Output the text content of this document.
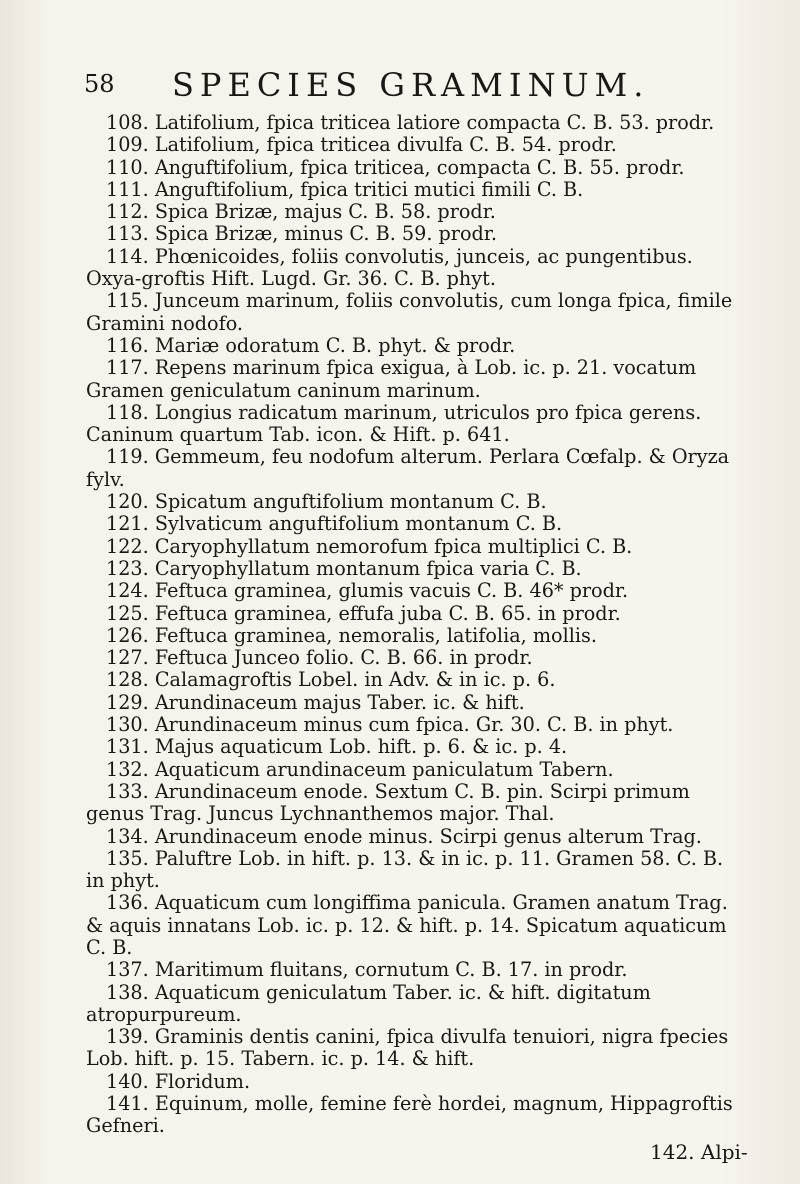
58 SPECIES GRAMINUM.

108. Latifolium, fpica triticea latiore compacta C. B. 53. prodr.

109. Latifolium, fpica triticea divulfa C. B. 54. prodr.

110. Anguftifolium, fpica triticea, compacta C. B. 55. prodr.

111. Anguftifolium, fpica tritici mutici fimili C. B.

112. Spica Brizæ, majus C. B. 58. prodr.

113. Spica Brizæ, minus C. B. 59. prodr.

114. Phœnicoides, foliis convolutis, junceis, ac pungentibus. Oxya-groftis Hift. Lugd. Gr. 36. C. B. phyt.

115. Junceum marinum, foliis convolutis, cum longa fpica, fimile Gramini nodofo.

116. Mariæ odoratum C. B. phyt. & prodr.

117. Repens marinum fpica exigua, à Lob. ic. p. 21. vocatum Gramen geniculatum caninum marinum.

118. Longius radicatum marinum, utriculos pro fpica gerens. Caninum quartum Tab. icon. & Hift. p. 641.

119. Gemmeum, feu nodofum alterum. Perlara Cœfalp. & Oryza fylv.

120. Spicatum anguftifolium montanum C. B.

121. Sylvaticum anguftifolium montanum C. B.

122. Caryophyllatum nemorofum fpica multiplici C. B.

123. Caryophyllatum montanum fpica varia C. B.

124. Feftuca graminea, glumis vacuis C. B. 46* prodr.

125. Feftuca graminea, effufa juba C. B. 65. in prodr.

126. Feftuca graminea, nemoralis, latifolia, mollis.

127. Feftuca Junceo folio. C. B. 66. in prodr.

128. Calamagroftis Lobel. in Adv. & in ic. p. 6.

129. Arundinaceum majus Taber. ic. & hift.

130. Arundinaceum minus cum fpica. Gr. 30. C. B. in phyt.

131. Majus aquaticum Lob. hift. p. 6. & ic. p. 4.

132. Aquaticum arundinaceum paniculatum Tabern.

133. Arundinaceum enode. Sextum C. B. pin. Scirpi primum genus Trag. Juncus Lychnanthemos major. Thal.

134. Arundinaceum enode minus. Scirpi genus alterum Trag.

135. Paluftre Lob. in hift. p. 13. & in ic. p. 11. Gramen 58. C. B. in phyt.

136. Aquaticum cum longiffima panicula. Gramen anatum Trag. & aquis innatans Lob. ic. p. 12. & hift. p. 14. Spicatum aquaticum C. B.

137. Maritimum fluitans, cornutum C. B. 17. in prodr.

138. Aquaticum geniculatum Taber. ic. & hift. digitatum atropurpureum.

139. Graminis dentis canini, fpica divulfa tenuiori, nigra fpecies Lob. hift. p. 15. Tabern. ic. p. 14. & hift.

140. Floridum.

141. Equinum, molle, femine ferè hordei, magnum, Hippagroftis Gefneri.

142. Alpi-
